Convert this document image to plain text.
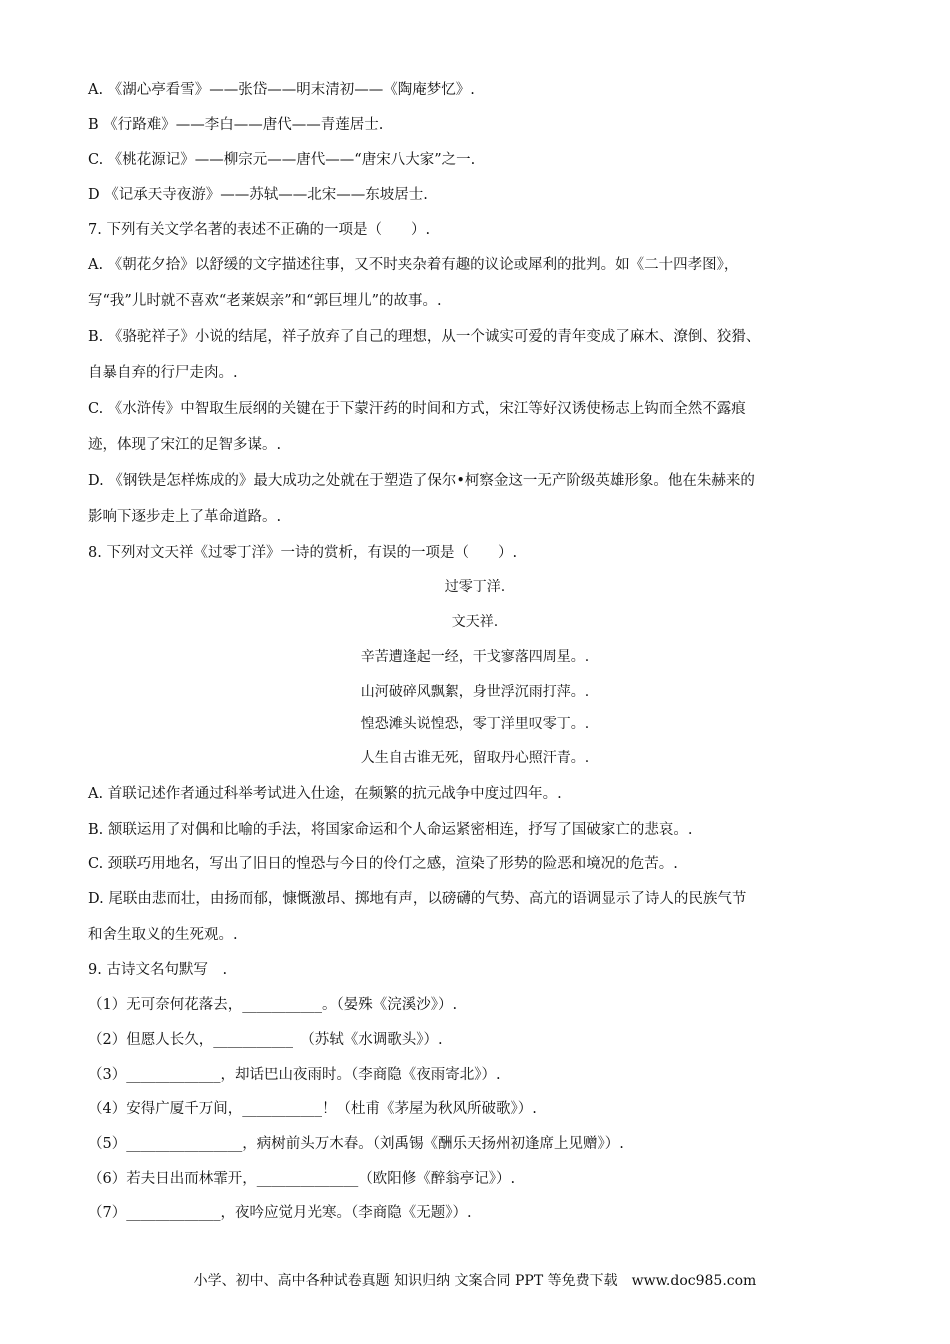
A. 《湖心亭看雪》——张岱——明末清初——《陶庵梦忆》.
B 《行路难》——李白——唐代——青莲居士.
C. 《桃花源记》——柳宗元——唐代——“唐宋八大家”之一.
D 《记承天寺夜游》——苏轼——北宋——东坡居士.
7. 下列有关文学名著的表述不正确的一项是（　　）.
A. 《朝花夕拾》以舒缓的文字描述往事，又不时夹杂着有趣的议论或犀利的批判。如《二十四孝图》，
写“我”儿时就不喜欢“老莱娱亲”和“郭巨埋儿”的故事。.
B. 《骆驼祥子》小说的结尾，祥子放弃了自己的理想，从一个诚实可爱的青年变成了麻木、潦倒、狡猾、
自暴自弃的行尸走肉。.
C. 《水浒传》中智取生辰纲的关键在于下蒙汗药的时间和方式，宋江等好汉诱使杨志上钩而全然不露痕
迹，体现了宋江的足智多谋。.
D. 《钢铁是怎样炼成的》最大成功之处就在于塑造了保尔•柯察金这一无产阶级英雄形象。他在朱赫来的
影响下逐步走上了革命道路。.
8. 下列对文天祥《过零丁洋》一诗的赏析，有误的一项是（　　）.
过零丁洋.
文天祥.
辛苦遭逢起一经，干戈寥落四周星。.
山河破碎风飘絮，身世浮沉雨打萍。.
惶恐滩头说惶恐，零丁洋里叹零丁。.
人生自古谁无死，留取丹心照汗青。.
A. 首联记述作者通过科举考试进入仕途，在频繁的抗元战争中度过四年。.
B. 颔联运用了对偶和比喻的手法，将国家命运和个人命运紧密相连，抒写了国破家亡的悲哀。.
C. 颈联巧用地名，写出了旧日的惶恐与今日的伶仃之感，渲染了形势的险恶和境况的危苦。.
D. 尾联由悲而壮，由扬而郁，慷慨激昂、掷地有声，以磅礴的气势、高亢的语调显示了诗人的民族气节
和舍生取义的生死观。.
9. 古诗文名句默写　.
（1）无可奈何花落去，___________。（晏殊《浣溪沙》）.
（2）但愿人长久，___________　（苏轼《水调歌头》）.
（3）_____________，却话巴山夜雨时。（李商隐《夜雨寄北》）.
（4）安得广厦千万间，___________！（杜甫《茅屋为秋风所破歌》）.
（5）________________，病树前头万木春。（刘禹锡《酬乐天扬州初逢席上见赠》）.
（6）若夫日出而林霏开，______________（欧阳修《醉翁亭记》）.
（7）_____________，夜吟应觉月光寒。（李商隐《无题》）.
小学、初中、高中各种试卷真题 知识归纳 文案合同 PPT 等免费下载　www.doc985.com
